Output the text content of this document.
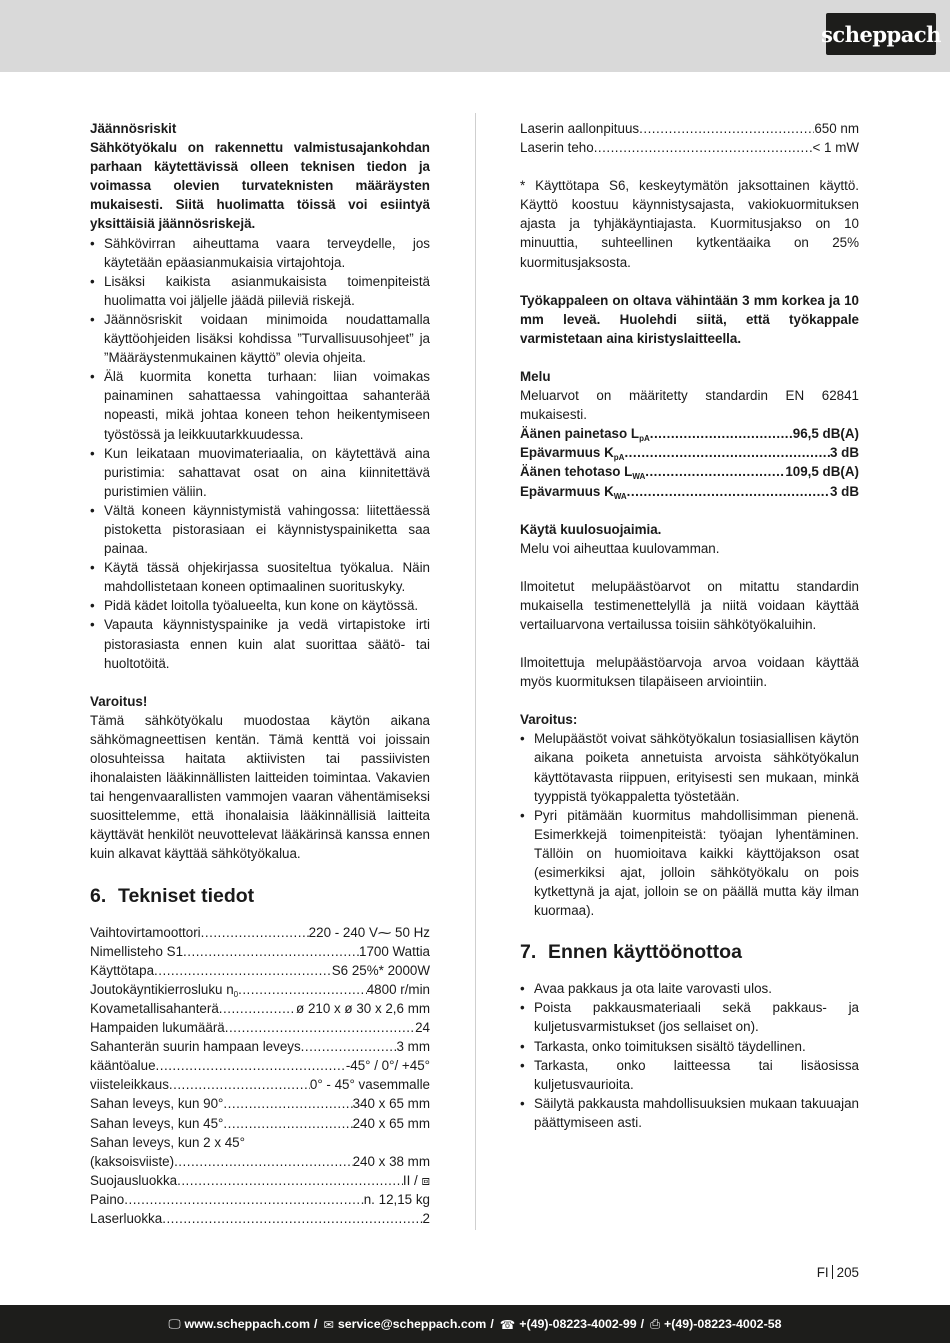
scheppach

Jäännösriskit

Sähkötyökalu on rakennettu valmistusajankohdan parhaan käytettävissä olleen teknisen tiedon ja voimassa olevien turvateknisten määräysten mukaisesti. Siitä huolimatta töissä voi esiintyä yksittäisiä jäännösriskejä.

• Sähkövirran aiheuttama vaara terveydelle, jos käytetään epäasianmukaisia virtajohtoja.
• Lisäksi kaikista asianmukaisista toimenpiteistä huolimatta voi jäljelle jäädä piileviä riskejä.
• Jäännösriskit voidaan minimoida noudattamalla käyttöohjeiden lisäksi kohdissa ”Turvallisuusohjeet” ja ”Määräystenmukainen käyttö” olevia ohjeita.
• Älä kuormita konetta turhaan: liian voimakas painaminen sahattaessa vahingoittaa sahanterää nopeasti, mikä johtaa koneen tehon heikentymiseen työstössä ja leikkuutarkkuudessa.
• Kun leikataan muovimateriaalia, on käytettävä aina puristimia: sahattavat osat on aina kiinnitettävä puristimien väliin.
• Vältä koneen käynnistymistä vahingossa: liitettäessä pistoketta pistorasiaan ei käynnistyspainiketta saa painaa.
• Käytä tässä ohjekirjassa suositeltua työkalua. Näin mahdollistetaan koneen optimaalinen suorituskyky.
• Pidä kädet loitolla työalueelta, kun kone on käytössä.
• Vapauta käynnistyspainike ja vedä virtapistoke irti pistorasiasta ennen kuin alat suorittaa säätö- tai huoltotöitä.

Varoitus!

Tämä sähkötyökalu muodostaa käytön aikana sähkömagneettisen kentän. Tämä kenttä voi joissain olosuhteissa haitata aktiivisten tai passiivisten ihonalaisten lääkinnällisten laitteiden toimintaa. Vakavien tai hengenvaarallisten vammojen vaaran vähentämiseksi suosittelemme, että ihonalaisia lääkinnällisiä laitteita käyttävät henkilöt neuvottelevat lääkärinsä kanssa ennen kuin alkavat käyttää sähkötyökalua.

6. Tekniset tiedot
Vaihtovirtamoottori .....	220 - 240 V⁓ 50 Hz
Nimellisteho S1 .....	1700 Wattia
Käyttötapa .....	S6 25%* 2000W
Joutokäyntikierrosluku $n_0$ .....	4800 r/min
Kovametallisahanterä .....	ø 210 x ø 30 x 2,6 mm
Hampaiden lukumäärä .....	24
Sahanterän suurin hampaan leveys .....	3 mm
kääntöalue .....	-45° / 0°/ +45°
viisteleikkaus .....	0° - 45° vasemmalle
Sahan leveys, kun 90° .....	340 x 65 mm
Sahan leveys, kun 45° .....	240 x 65 mm

Sahan leveys, kun 2 x 45°

(kaksoisviiste) .....	240 x 38 mm
Suojausluokka .....	II / ⧈
Paino .....	n. 12,15 kg
Laserluokka .....	2
Laserin aallonpituus .....	650 nm
Laserin teho .....	< 1 mW

* Käyttötapa S6, keskeytymätön jaksottainen käyttö. Käyttö koostuu käynnistysajasta, vakiokuormituksen ajasta ja tyhjäkäyntiajasta. Kuormitusjakso on 10 minuuttia, suhteellinen kytkentäaika on 25% kuormitusjaksosta.

Työkappaleen on oltava vähintään 3 mm korkea ja 10 mm leveä. Huolehdi siitä, että työkappale varmistetaan aina kiristyslaitteella.

Melu

Meluarvot on määritetty standardin EN 62841 mukaisesti.

Äänen painetaso $L_{pA}$ .....	96,5 dB(A)
Epävarmuus $K_{pA}$ .....	3 dB
Äänen tehotaso $L_{WA}$ .....	109,5 dB(A)
Epävarmuus $K_{WA}$ .....	3 dB

Käytä kuulosuojaimia.

Melu voi aiheuttaa kuulovamman.

Ilmoitetut melupäästöarvot on mitattu standardin mukaisella testimenettelyllä ja niitä voidaan käyttää vertailuarvona vertailussa toisiin sähkötyökaluihin.

Ilmoitettuja melupäästöarvoja arvoa voidaan käyttää myös kuormituksen tilapäiseen arviointiin.

Varoitus:

• Melupäästöt voivat sähkötyökalun tosiasiallisen käytön aikana poiketa annetuista arvoista sähkötyökalun käyttötavasta riippuen, erityisesti sen mukaan, minkä tyyppistä työkappaletta työstetään.
• Pyri pitämään kuormitus mahdollisimman pienenä. Esimerkkejä toimenpiteistä: työajan lyhentäminen. Tällöin on huomioitava kaikki käyttöjakson osat (esimerkiksi ajat, jolloin sähkötyökalu on pois kytkettynä ja ajat, jolloin se on päällä mutta käy ilman kuormaa).
7. Ennen käyttöönottoa
• Avaa pakkaus ja ota laite varovasti ulos.
• Poista pakkausmateriaali sekä pakkaus- ja kuljetusvarmistukset (jos sellaiset on).
• Tarkasta, onko toimituksen sisältö täydellinen.
• Tarkasta, onko laitteessa tai lisäosissa kuljetusvaurioita.
• Säilytä pakkausta mahdollisuuksien mukaan takuuajan päättymiseen asti.
FI 205
🖵 www.scheppach.com / ✉ service@scheppach.com / ☎ +(49)-08223-4002-99 / ⎙ +(49)-08223-4002-58
